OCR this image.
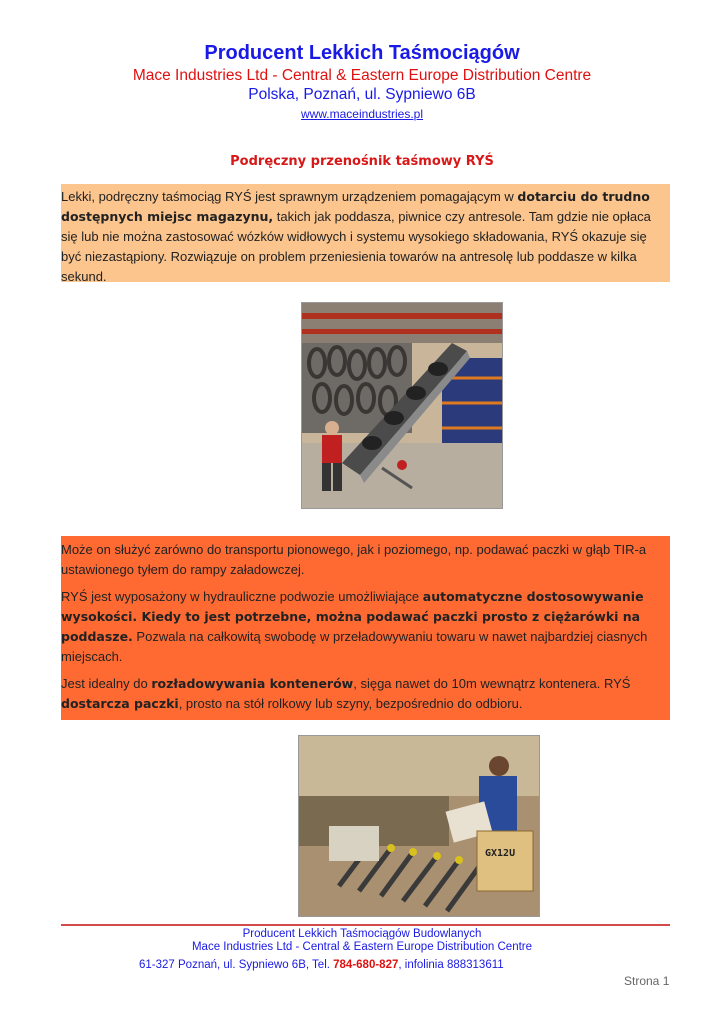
Producent Lekkich Taśmociągów
Mace Industries Ltd - Central & Eastern Europe Distribution Centre
Polska, Poznań, ul. Sypniewo 6B
www.maceindustries.pl
Podręczny przenośnik taśmowy RYŚ
Lekki, podręczny taśmociąg RYŚ jest sprawnym urządzeniem pomagającym w dotarciu do trudno dostępnych miejsc magazynu, takich jak poddasza, piwnice czy antresole. Tam gdzie nie opłaca się lub nie można zastosować wózków widłowych i systemu wysokiego składowania, RYŚ okazuje się być niezastąpiony. Rozwiązuje on problem przeniesienia towarów na antresolę lub poddasze w kilka sekund.

Może on służyć zarówno do transportu pionowego, jak i poziomego, np. podawać paczki w głąb TIR-a ustawionego tyłem do rampy załadowczej.

RYŚ jest wyposażony w hydrauliczne podwozie umożliwiające automatyczne dostosowywanie wysokości. Kiedy to jest potrzebne, można podawać paczki prosto z ciężarówki na poddasze. Pozwala na całkowitą swobodę w przeładowywaniu towaru w nawet najbardziej ciasnych miejscach.

Jest idealny do rozładowywania kontenerów, sięga nawet do 10m wewnątrz kontenera. RYŚ dostarcza paczki, prosto na stół rolkowy lub szyny, bezpośrednio do odbioru.

GX12U
Producent Lekkich Taśmociągów Budowlanych
Mace Industries Ltd - Central & Eastern Europe Distribution Centre
61-327 Poznań, ul. Sypniewo 6B, Tel. 784-680-827, infolinia 888313611
Strona 1
